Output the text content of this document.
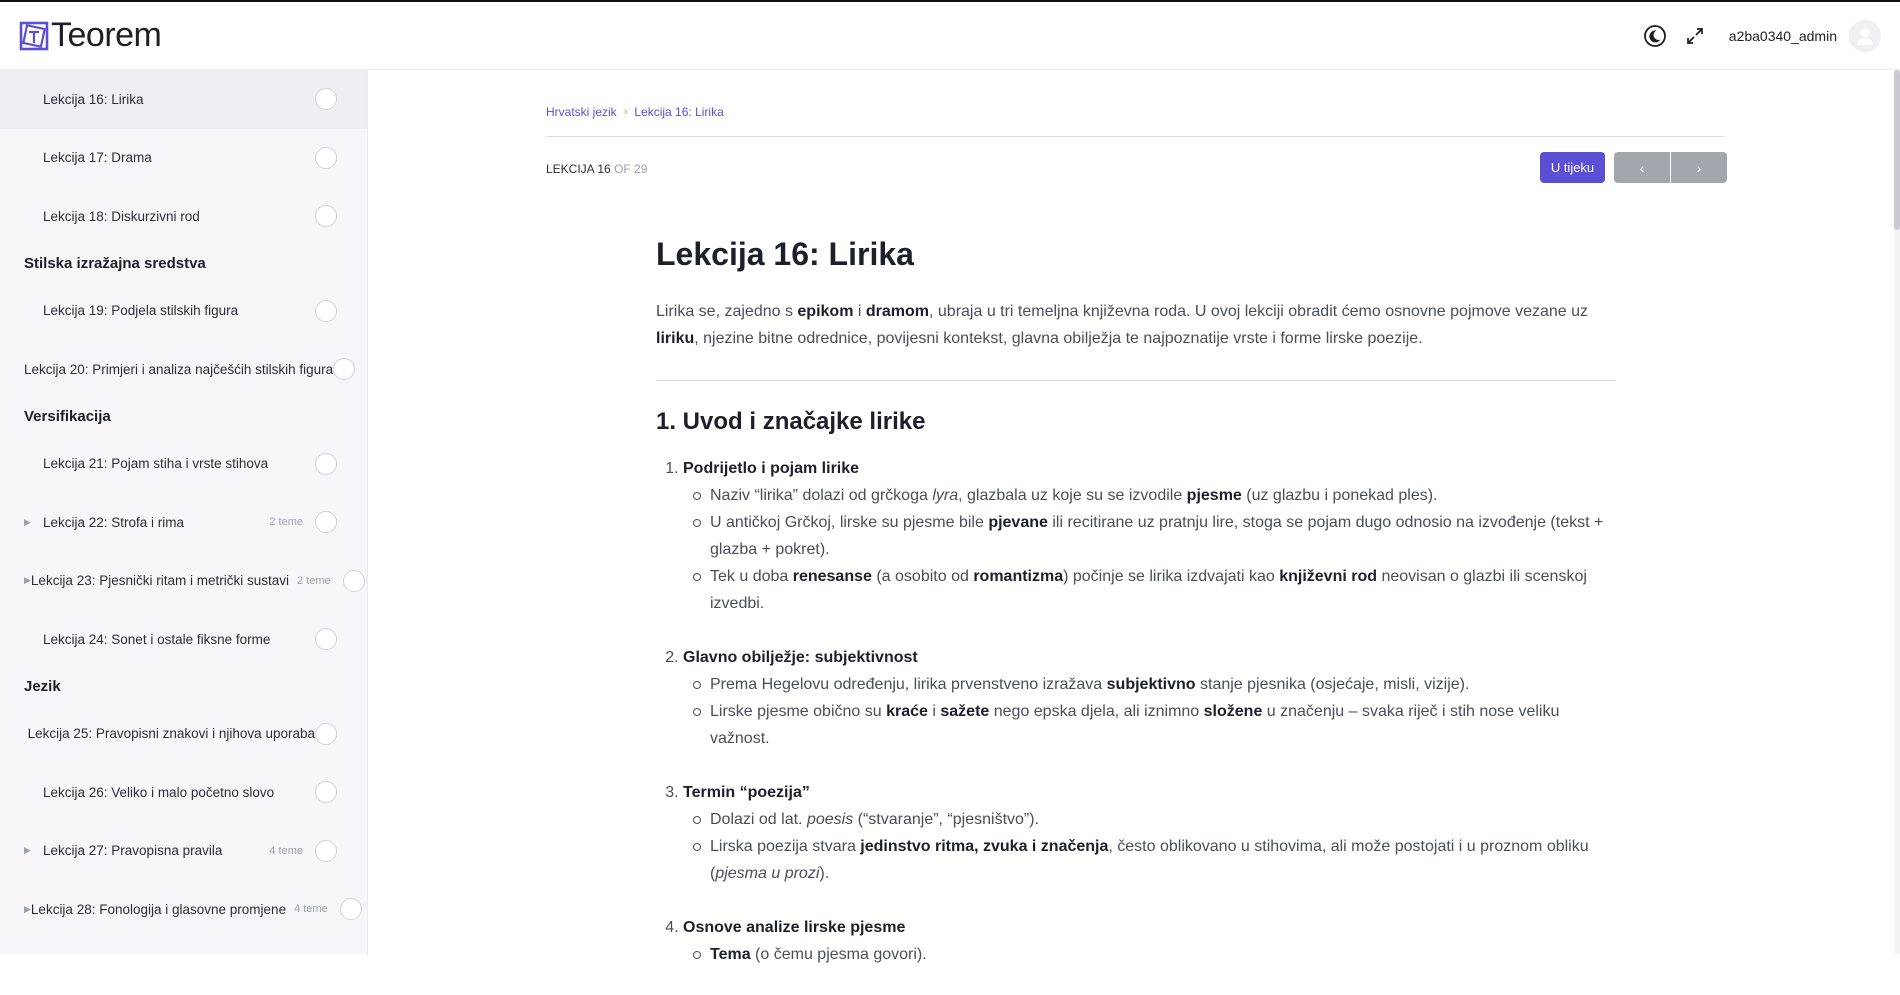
Teorem	a2ba0340_admin
Lekcija 16: Lirika
Lekcija 17: Drama
Lekcija 18: Diskurzivni rod
Stilska izražajna sredstva
Lekcija 19: Podjela stilskih figura
Lekcija 20: Primjeri i analiza najčešćih stilskih figura
Versifikacija
Lekcija 21: Pojam stiha i vrste stihova
▶ Lekcija 22: Strofa i rima	2 teme
▶ Lekcija 23: Pjesnički ritam i metrički sustavi 2 teme
Lekcija 24: Sonet i ostale fiksne forme
Jezik
Lekcija 25: Pravopisni znakovi i njihova uporaba
Lekcija 26: Veliko i malo početno slovo
▶ Lekcija 27: Pravopisna pravila	4 teme
▶ Lekcija 28: Fonologija i glasovne promjene 4 teme
Hrvatski jezik › Lekcija 16: Lirika
LEKCIJA 16 OF 29	U tijeku	‹	›
Lekcija 16: Lirika

Lirika se, zajedno s epikom i dramom, ubraja u tri temeljna književna roda. U ovoj lekciji obradit ćemo osnovne pojmove vezane uz liriku, njezine bitne odrednice, povijesni kontekst, glavna obilježja te najpoznatije vrste i forme lirske poezije.

1. Uvod i značajke lirike
1. Podrijetlo i pojam lirike
Naziv “lirika” dolazi od grčkoga lyra, glazbala uz koje su se izvodile pjesme (uz glazbu i ponekad ples).
U antičkoj Grčkoj, lirske su pjesme bile pjevane ili recitirane uz pratnju lire, stoga se pojam dugo odnosio na izvođenje (tekst + glazba + pokret).
Tek u doba renesanse (a osobito od romantizma) počinje se lirika izdvajati kao književni rod neovisan o glazbi ili scenskoj izvedbi.
2. Glavno obilježje: subjektivnost
Prema Hegelovu određenju, lirika prvenstveno izražava subjektivno stanje pjesnika (osjećaje, misli, vizije).
Lirske pjesme obično su kraće i sažete nego epska djela, ali iznimno složene u značenju – svaka riječ i stih nose veliku važnost.
3. Termin “poezija”
Dolazi od lat. poesis (“stvaranje”, “pjesništvo”).
Lirska poezija stvara jedinstvo ritma, zvuka i značenja, često oblikovano u stihovima, ali može postojati i u proznom obliku (pjesma u prozi).
4. Osnove analize lirske pjesme
Tema (o čemu pjesma govori).
